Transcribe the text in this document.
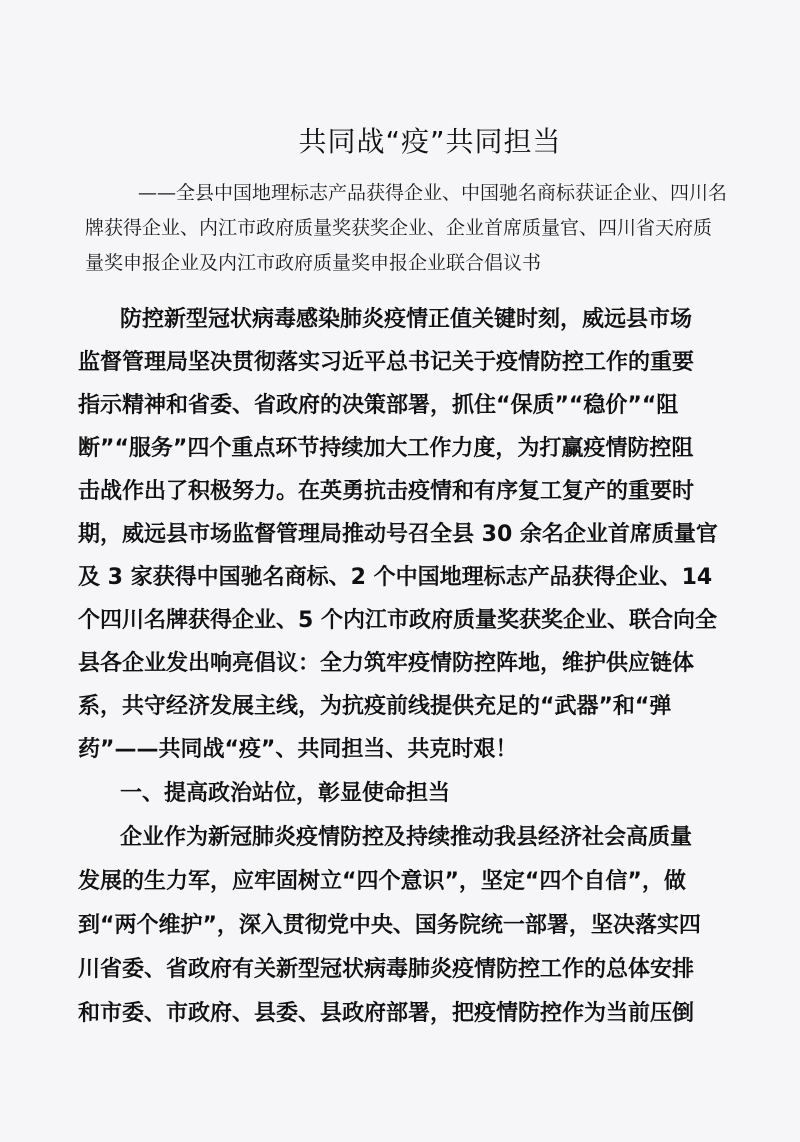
共同战“疫”共同担当
——全县中国地理标志产品获得企业、中国驰名商标获证企业、四川名
牌获得企业、内江市政府质量奖获奖企业、企业首席质量官、四川省天府质
量奖申报企业及内江市政府质量奖申报企业联合倡议书
防控新型冠状病毒感染肺炎疫情正值关键时刻，威远县市场
监督管理局坚决贯彻落实习近平总书记关于疫情防控工作的重要
指示精神和省委、省政府的决策部署，抓住“保质”“稳价”“阻
断”“服务”四个重点环节持续加大工作力度，为打赢疫情防控阻
击战作出了积极努力。在英勇抗击疫情和有序复工复产的重要时
期，威远县市场监督管理局推动号召全县 30 余名企业首席质量官
及 3 家获得中国驰名商标、2 个中国地理标志产品获得企业、14
个四川名牌获得企业、5 个内江市政府质量奖获奖企业、联合向全
县各企业发出响亮倡议：全力筑牢疫情防控阵地，维护供应链体
系，共守经济发展主线，为抗疫前线提供充足的“武器”和“弹
药”——共同战“疫”、共同担当、共克时艰！
一、提高政治站位，彰显使命担当
企业作为新冠肺炎疫情防控及持续推动我县经济社会高质量
发展的生力军，应牢固树立“四个意识”，坚定“四个自信”，做
到“两个维护”，深入贯彻党中央、国务院统一部署，坚决落实四
川省委、省政府有关新型冠状病毒肺炎疫情防控工作的总体安排
和市委、市政府、县委、县政府部署，把疫情防控作为当前压倒
